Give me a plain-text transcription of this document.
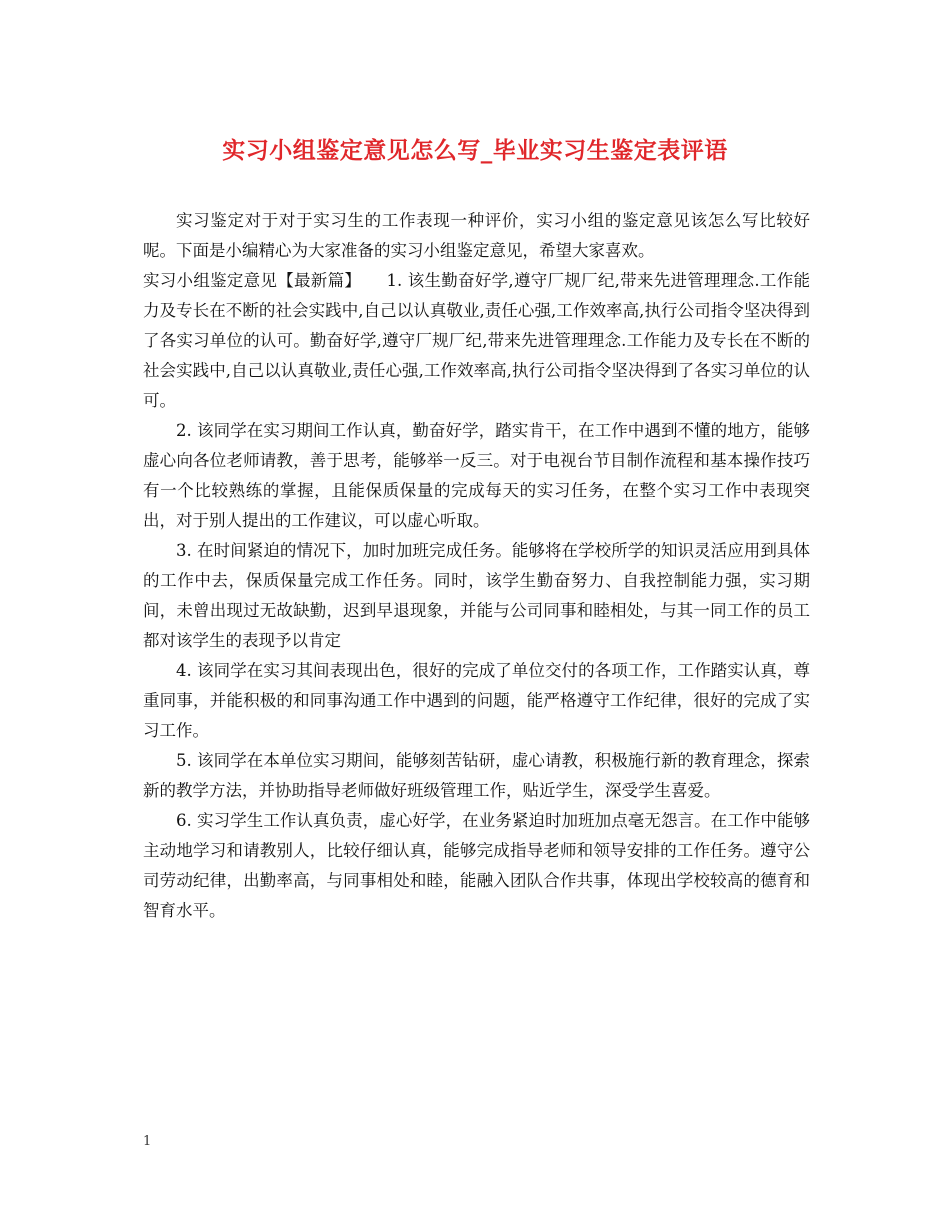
实习小组鉴定意见怎么写_毕业实习生鉴定表评语

实习鉴定对于对于实习生的工作表现一种评价，实习小组的鉴定意见该怎么写比较好呢。下面是小编精心为大家准备的实习小组鉴定意见，希望大家喜欢。

实习小组鉴定意见【最新篇】　　1. 该生勤奋好学,遵守厂规厂纪,带来先进管理理念.工作能力及专长在不断的社会实践中,自己以认真敬业,责任心强,工作效率高,执行公司指令坚决得到了各实习单位的认可。勤奋好学,遵守厂规厂纪,带来先进管理理念.工作能力及专长在不断的社会实践中,自己以认真敬业,责任心强,工作效率高,执行公司指令坚决得到了各实习单位的认可。

2. 该同学在实习期间工作认真，勤奋好学，踏实肯干，在工作中遇到不懂的地方，能够虚心向各位老师请教，善于思考，能够举一反三。对于电视台节目制作流程和基本操作技巧有一个比较熟练的掌握，且能保质保量的完成每天的实习任务，在整个实习工作中表现突出，对于别人提出的工作建议，可以虚心听取。

3. 在时间紧迫的情况下，加时加班完成任务。能够将在学校所学的知识灵活应用到具体的工作中去，保质保量完成工作任务。同时，该学生勤奋努力、自我控制能力强，实习期间，未曾出现过无故缺勤，迟到早退现象，并能与公司同事和睦相处，与其一同工作的员工都对该学生的表现予以肯定

4. 该同学在实习其间表现出色，很好的完成了单位交付的各项工作，工作踏实认真，尊重同事，并能积极的和同事沟通工作中遇到的问题，能严格遵守工作纪律，很好的完成了实习工作。

5. 该同学在本单位实习期间，能够刻苦钻研，虚心请教，积极施行新的教育理念，探索新的教学方法，并协助指导老师做好班级管理工作，贴近学生，深受学生喜爱。

6. 实习学生工作认真负责，虚心好学，在业务紧迫时加班加点毫无怨言。在工作中能够主动地学习和请教别人，比较仔细认真，能够完成指导老师和领导安排的工作任务。遵守公司劳动纪律，出勤率高，与同事相处和睦，能融入团队合作共事，体现出学校较高的德育和智育水平。

1
